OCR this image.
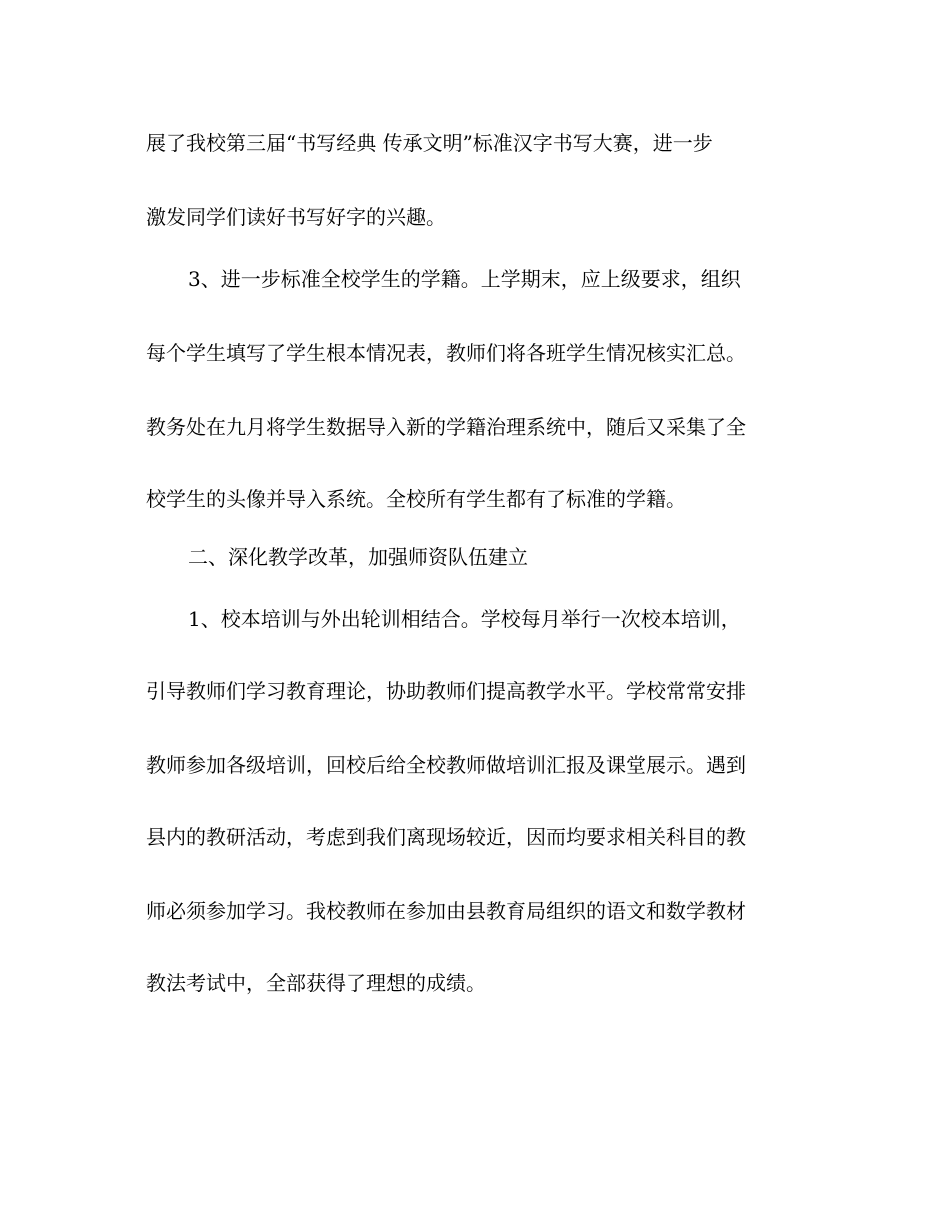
展了我校第三届“书写经典 传承文明”标准汉字书写大赛，进一步
激发同学们读好书写好字的兴趣。
3、进一步标准全校学生的学籍。上学期末，应上级要求，组织
每个学生填写了学生根本情况表，教师们将各班学生情况核实汇总。
教务处在九月将学生数据导入新的学籍治理系统中，随后又采集了全
校学生的头像并导入系统。全校所有学生都有了标准的学籍。
二、深化教学改革，加强师资队伍建立
1、校本培训与外出轮训相结合。学校每月举行一次校本培训，
引导教师们学习教育理论，协助教师们提高教学水平。学校常常安排
教师参加各级培训，回校后给全校教师做培训汇报及课堂展示。遇到
县内的教研活动，考虑到我们离现场较近，因而均要求相关科目的教
师必须参加学习。我校教师在参加由县教育局组织的语文和数学教材
教法考试中，全部获得了理想的成绩。
